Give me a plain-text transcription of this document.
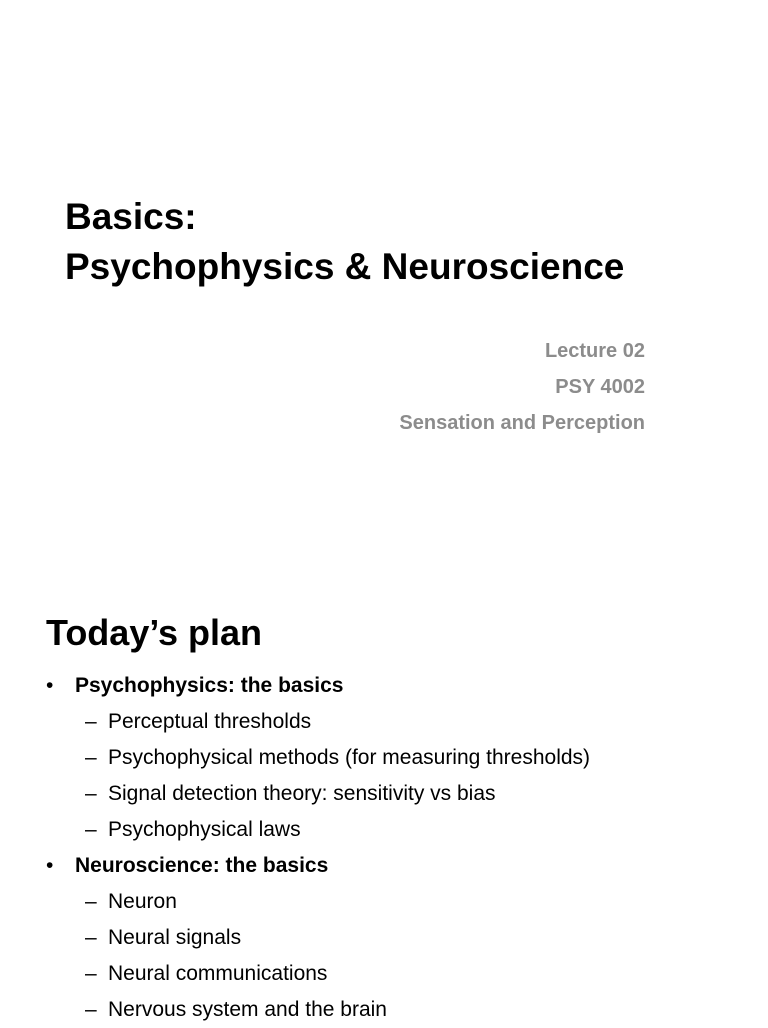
Basics:
Psychophysics & Neuroscience
Lecture 02
PSY 4002
Sensation and Perception
Today’s plan
• Psychophysics: the basics
– Perceptual thresholds
– Psychophysical methods (for measuring thresholds)
– Signal detection theory: sensitivity vs bias
– Psychophysical laws
• Neuroscience: the basics
– Neuron
– Neural signals
– Neural communications
– Nervous system and the brain
